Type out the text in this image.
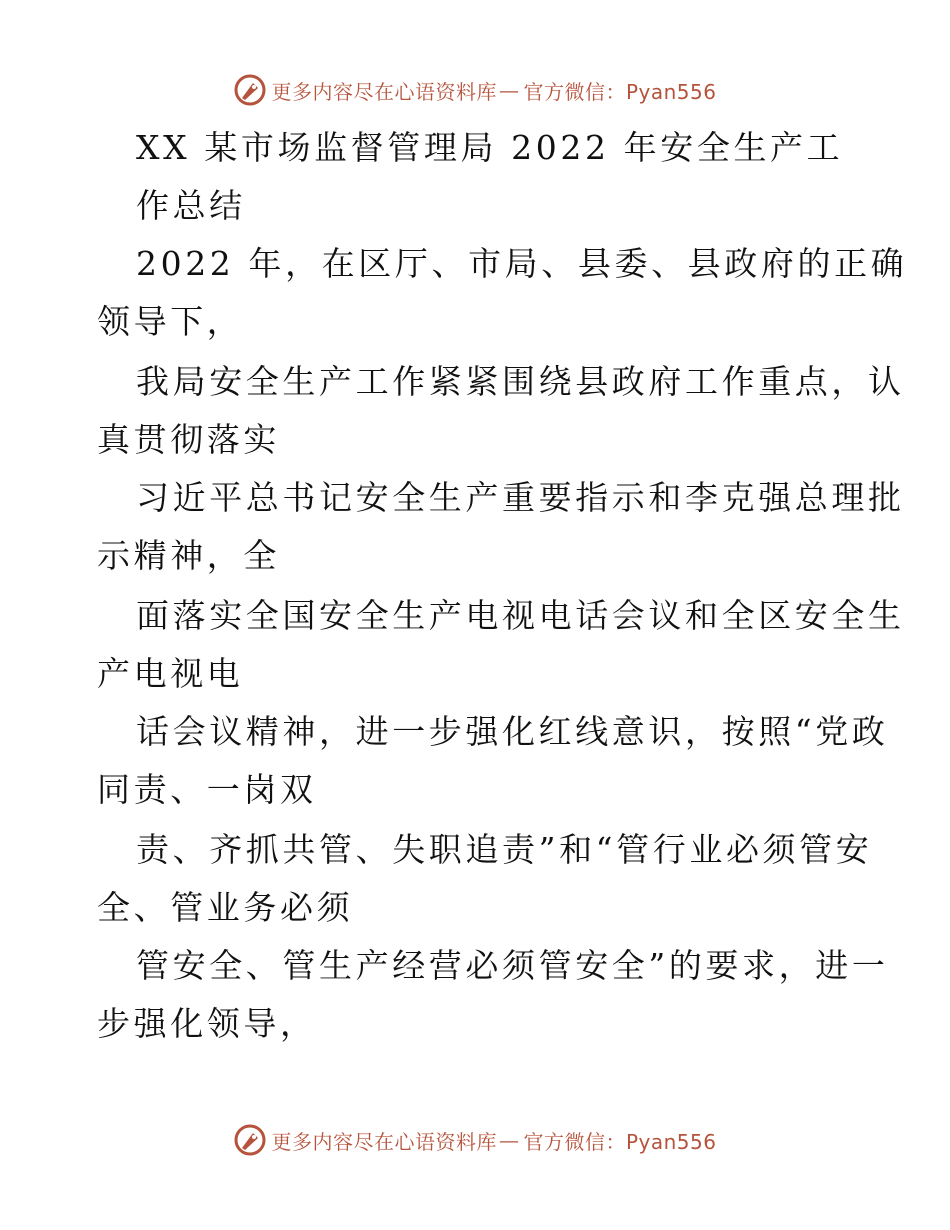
更多内容尽在心语资料库 — 官方微信：Pyan556
XX 某市场监督管理局 2022 年安全生产工
作总结
2022 年，在区厅、市局、县委、县政府的正确
领导下，
我局安全生产工作紧紧围绕县政府工作重点，认
真贯彻落实
习近平总书记安全生产重要指示和李克强总理批
示精神，全
面落实全国安全生产电视电话会议和全区安全生
产电视电
话会议精神，进一步强化红线意识，按照“党政
同责、一岗双
责、齐抓共管、失职追责”和“管行业必须管安
全、管业务必须
管安全、管生产经营必须管安全”的要求，进一
步强化领导，
更多内容尽在心语资料库 — 官方微信：Pyan556
